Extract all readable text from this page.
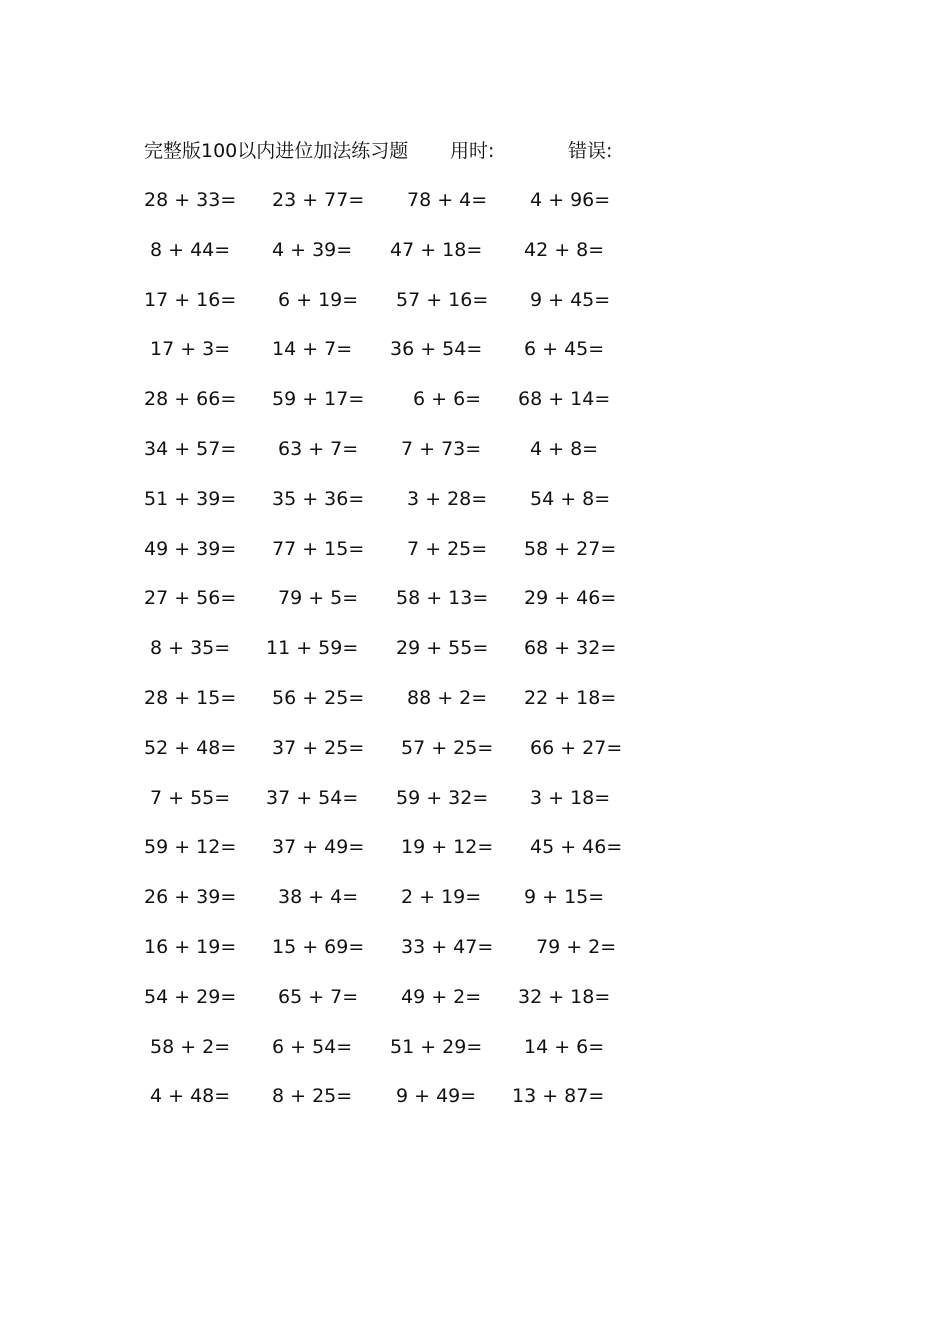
完整版100以内进位加法练习题 用时:	错误:
28 + 33= 23 + 77= 78 + 4= 4 + 96=
8 + 44= 4 + 39= 47 + 18= 42 + 8=
17 + 16= 6 + 19= 57 + 16= 9 + 45=
17 + 3= 14 + 7= 36 + 54= 6 + 45=
28 + 66= 59 + 17=	6 + 6= 68 + 14=
34 + 57= 63 + 7= 7 + 73=	4 + 8=
51 + 39= 35 + 36= 3 + 28= 54 + 8=
49 + 39= 77 + 15= 7 + 25= 58 + 27=
27 + 56= 79 + 5= 58 + 13= 29 + 46=
8 + 35= 11 + 59= 29 + 55= 68 + 32=
28 + 15= 56 + 25= 88 + 2= 22 + 18=
52 + 48= 37 + 25= 57 + 25= 66 + 27=
7 + 55= 37 + 54= 59 + 32= 3 + 18=
59 + 12= 37 + 49= 19 + 12= 45 + 46=
26 + 39= 38 + 4= 2 + 19= 9 + 15=
16 + 19= 15 + 69= 33 + 47= 79 + 2=
54 + 29= 65 + 7= 49 + 2= 32 + 18=
58 + 2= 6 + 54= 51 + 29= 14 + 6=
4 + 48= 8 + 25= 9 + 49= 13 + 87=
